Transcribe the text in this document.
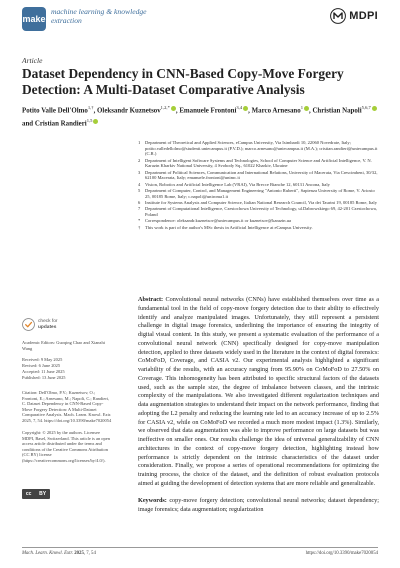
make
machine learning & knowledge extraction	MDPI
Article
Dataset Dependency in CNN-Based Copy-Move Forgery Detection: A Multi-Dataset Comparative Analysis
Potito Valle Dell'Olmo$^{1,\dagger}$, Oleksandr Kuznetsov$^{1,2,*}$ , Emanuele Frontoni$^{3,4}$ , Marco Arnesano$^1$ , Christian Napoli$^{5,6,7}$ and Cristian Randieri$^{1,5}$
1	Department of Theoretical and Applied Sciences, eCampus University, Via Isimbardi 10, 22060 Novedrate, Italy; potito.valledellolmo@studenti.uniecampus.it (P.V.D.); marco.arnesano@uniecampus.it (M.A.); cristian.randieri@uniecampus.it (C.R.)
2	Department of Intelligent Software Systems and Technologies, School of Computer Science and Artificial Intelligence, V. N. Karazin Kharkiv National University, 4 Svobody Sq., 61022 Kharkiv, Ukraine
3	Department of Political Sciences, Communication and International Relations, University of Macerata, Via Crescimbeni, 30/32, 62100 Macerata, Italy; emanuele.frontoni@unimc.it
4	Vision, Robotics and Artificial Intelligence Lab (VRAI), Via Brecce Bianche 12, 60131 Ancona, Italy
5	Department of Computer, Control, and Management Engineering "Antonio Ruberti", Sapienza University of Rome, V. Ariosto 25, 00185 Rome, Italy; c.napoli@uniroma1.it
6	Institute for Systems Analysis and Computer Science, Italian National Research Council, Via dei Taurini 19, 00185 Rome, Italy
7	Department of Computational Intelligence, Czestochowa University of Technology, ul.Dabrowskiego 69, 42-201 Czestochowa, Poland
*	Correspondence: oleksandr.kuznetsov@uniecampus.it or kuznetsov@karazin.ua
†	This work is part of the author's MSc thesis in Artificial Intelligence at eCampus University.
check for
updates
Academic Editors: Guoqing Chao and Xianzhi Wang
Received: 9 May 2025
Revised: 6 June 2025
Accepted: 11 June 2025
Published: 13 June 2025
Citation: Dell'Olmo, P.V.; Kuznetsov, O.; Frontoni, E.; Arnesano, M.; Napoli, C.; Randieri, C. Dataset Dependency in CNN-Based Copy-Move Forgery Detection: A Multi-Dataset Comparative Analysis. Mach. Learn. Knowl. Extr. 2025, 7, 54. https://doi.org/10.3390/make7020054
Copyright: © 2025 by the authors. Licensee MDPI, Basel, Switzerland. This article is an open access article distributed under the terms and conditions of the Creative Commons Attribution (CC BY) license (https://creativecommons.org/licenses/by/4.0/).
cc BY
Abstract: Convolutional neural networks (CNNs) have established themselves over time as a fundamental tool in the field of copy-move forgery detection due to their ability to effectively identify and analyze manipulated images. Unfortunately, they still represent a persistent challenge in digital image forensics, underlining the importance of ensuring the integrity of digital visual content. In this study, we present a systematic evaluation of the performance of a convolutional neural network (CNN) specifically designed for copy-move manipulation detection, applied to three datasets widely used in the literature in the context of digital forensics: CoMoFoD, Coverage, and CASIA v2. Our experimental analysis highlighted a significant variability of the results, with an accuracy ranging from 95.90% on CoMoFoD to 27.50% on Coverage. This inhomogeneity has been attributed to specific structural factors of the datasets used, such as the sample size, the degree of imbalance between classes, and the intrinsic complexity of the manipulations. We also investigated different regularization techniques and data augmentation strategies to understand their impact on the network performance, finding that adopting the L2 penalty and reducing the learning rate led to an accuracy increase of up to 2.5% for CASIA v2, while on CoMoFoD we recorded a much more modest impact (1.3%). Similarly, we observed that data augmentation was able to improve performance on large datasets but was ineffective on smaller ones. Our results challenge the idea of universal generalizability of CNN architectures in the context of copy-move forgery detection, highlighting instead how performance is strictly dependent on the intrinsic characteristics of the dataset under consideration. Finally, we propose a series of operational recommendations for optimizing the training process, the choice of the dataset, and the definition of robust evaluation protocols aimed at guiding the development of detection systems that are more reliable and generalizable.
Keywords: copy-move forgery detection; convolutional neural networks; dataset dependency; image forensics; data augmentation; regularization
Mach. Learn. Knowl. Extr. 2025, 7, 54	https://doi.org/10.3390/make7020054
